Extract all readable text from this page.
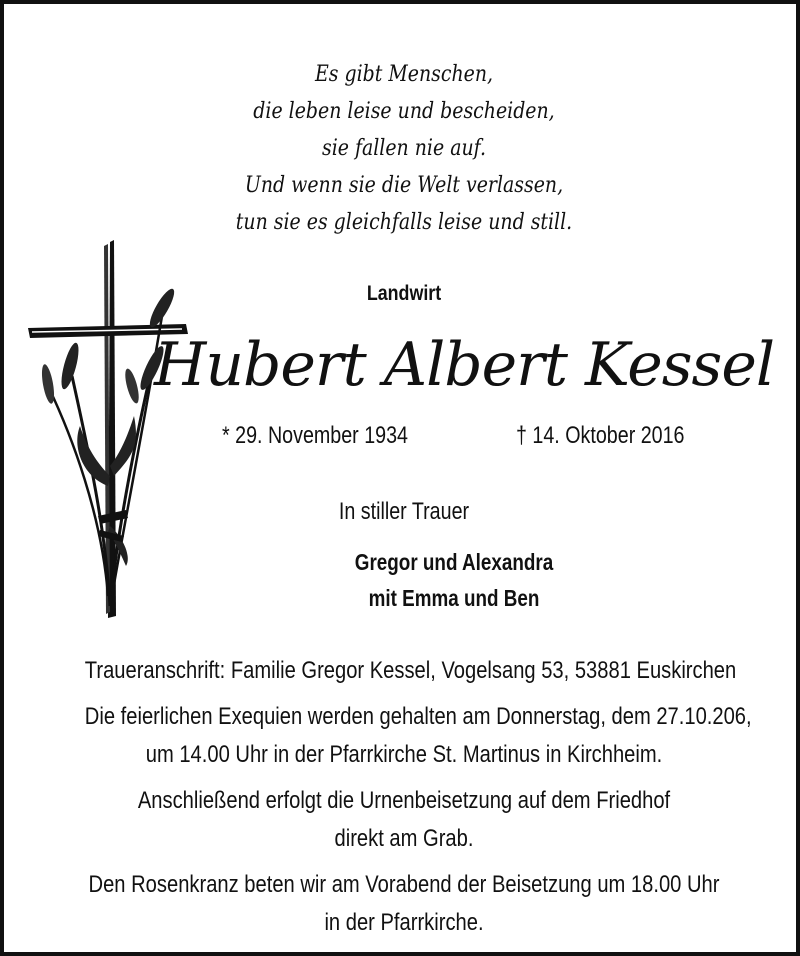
Es gibt Menschen,
die leben leise und bescheiden,
sie fallen nie auf.
Und wenn sie die Welt verlassen,
tun sie es gleichfalls leise und still.
Landwirt
Hubert Albert Kessel
* 29. November 1934	† 14. Oktober 2016
In stiller Trauer
Gregor und Alexandra
mit Emma und Ben

Traueranschrift: Familie Gregor Kessel, Vogelsang 53, 53881 Euskirchen

Die feierlichen Exequien werden gehalten am Donnerstag, dem 27.10.206,
um 14.00 Uhr in der Pfarrkirche St. Martinus in Kirchheim.

Anschließend erfolgt die Urnenbeisetzung auf dem Friedhof
direkt am Grab.

Den Rosenkranz beten wir am Vorabend der Beisetzung um 18.00 Uhr
in der Pfarrkirche.
